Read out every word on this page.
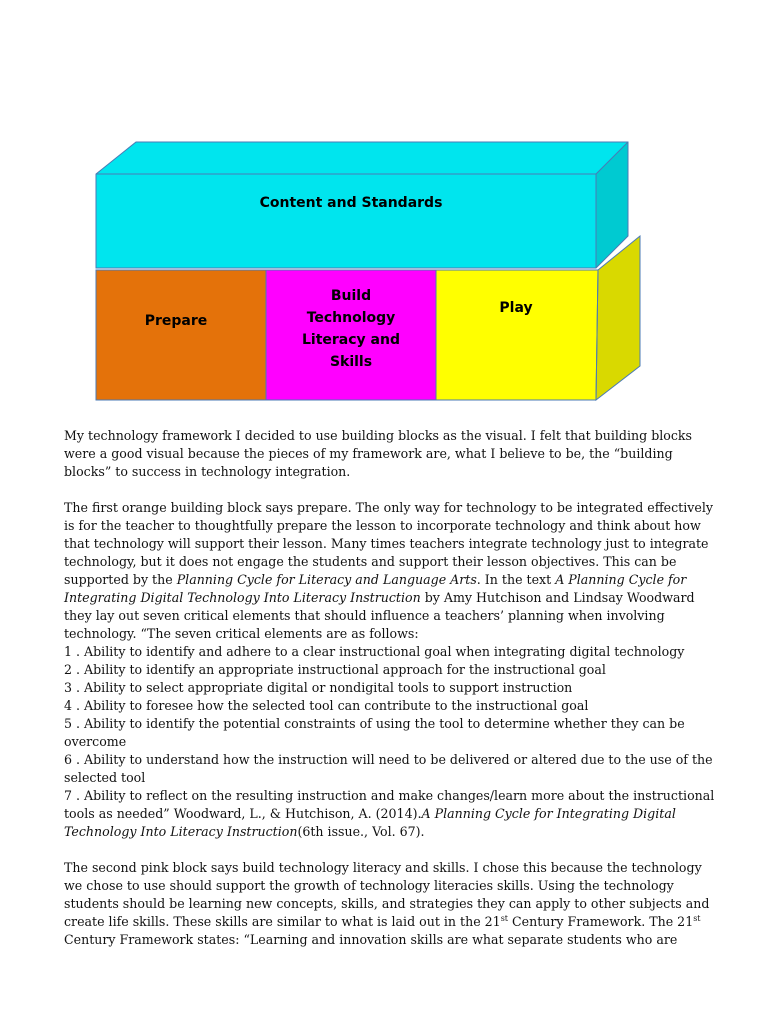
Content and Standards
Prepare
Build
Technology
Literacy and
Skills
Play

My technology framework I decided to use building blocks as the visual. I felt that building blocks were a good visual because the pieces of my framework are, what I believe to be, the “building blocks” to success in technology integration.

The first orange building block says prepare. The only way for technology to be integrated effectively is for the teacher to thoughtfully prepare the lesson to incorporate technology and think about how that technology will support their lesson. Many times teachers integrate technology just to integrate technology, but it does not engage the students and support their lesson objectives. This can be supported by the Planning Cycle for Literacy and Language Arts. In the text A Planning Cycle for Integrating Digital Technology Into Literacy Instruction by Amy Hutchison and Lindsay Woodward they lay out seven critical elements that should influence a teachers’ planning when involving technology. “The seven critical elements are as follows:

1 . Ability to identify and adhere to a clear instructional goal when integrating digital technology
2 . Ability to identify an appropriate instructional approach for the instructional goal
3 . Ability to select appropriate digital or nondigital tools to support instruction
4 . Ability to foresee how the selected tool can contribute to the instructional goal
5 . Ability to identify the potential constraints of using the tool to determine whether they can be overcome
6 . Ability to understand how the instruction will need to be delivered or altered due to the use of the selected tool
7 . Ability to reflect on the resulting instruction and make changes/learn more about the instructional tools as needed” Woodward, L., & Hutchison, A. (2014).A Planning Cycle for Integrating Digital Technology Into Literacy Instruction(6th issue., Vol. 67).

The second pink block says build technology literacy and skills. I chose this because the technology we chose to use should support the growth of technology literacies skills. Using the technology students should be learning new concepts, skills, and strategies they can apply to other subjects and create life skills. These skills are similar to what is laid out in the 21st Century Framework. The 21st Century Framework states: “Learning and innovation skills are what separate students who are
